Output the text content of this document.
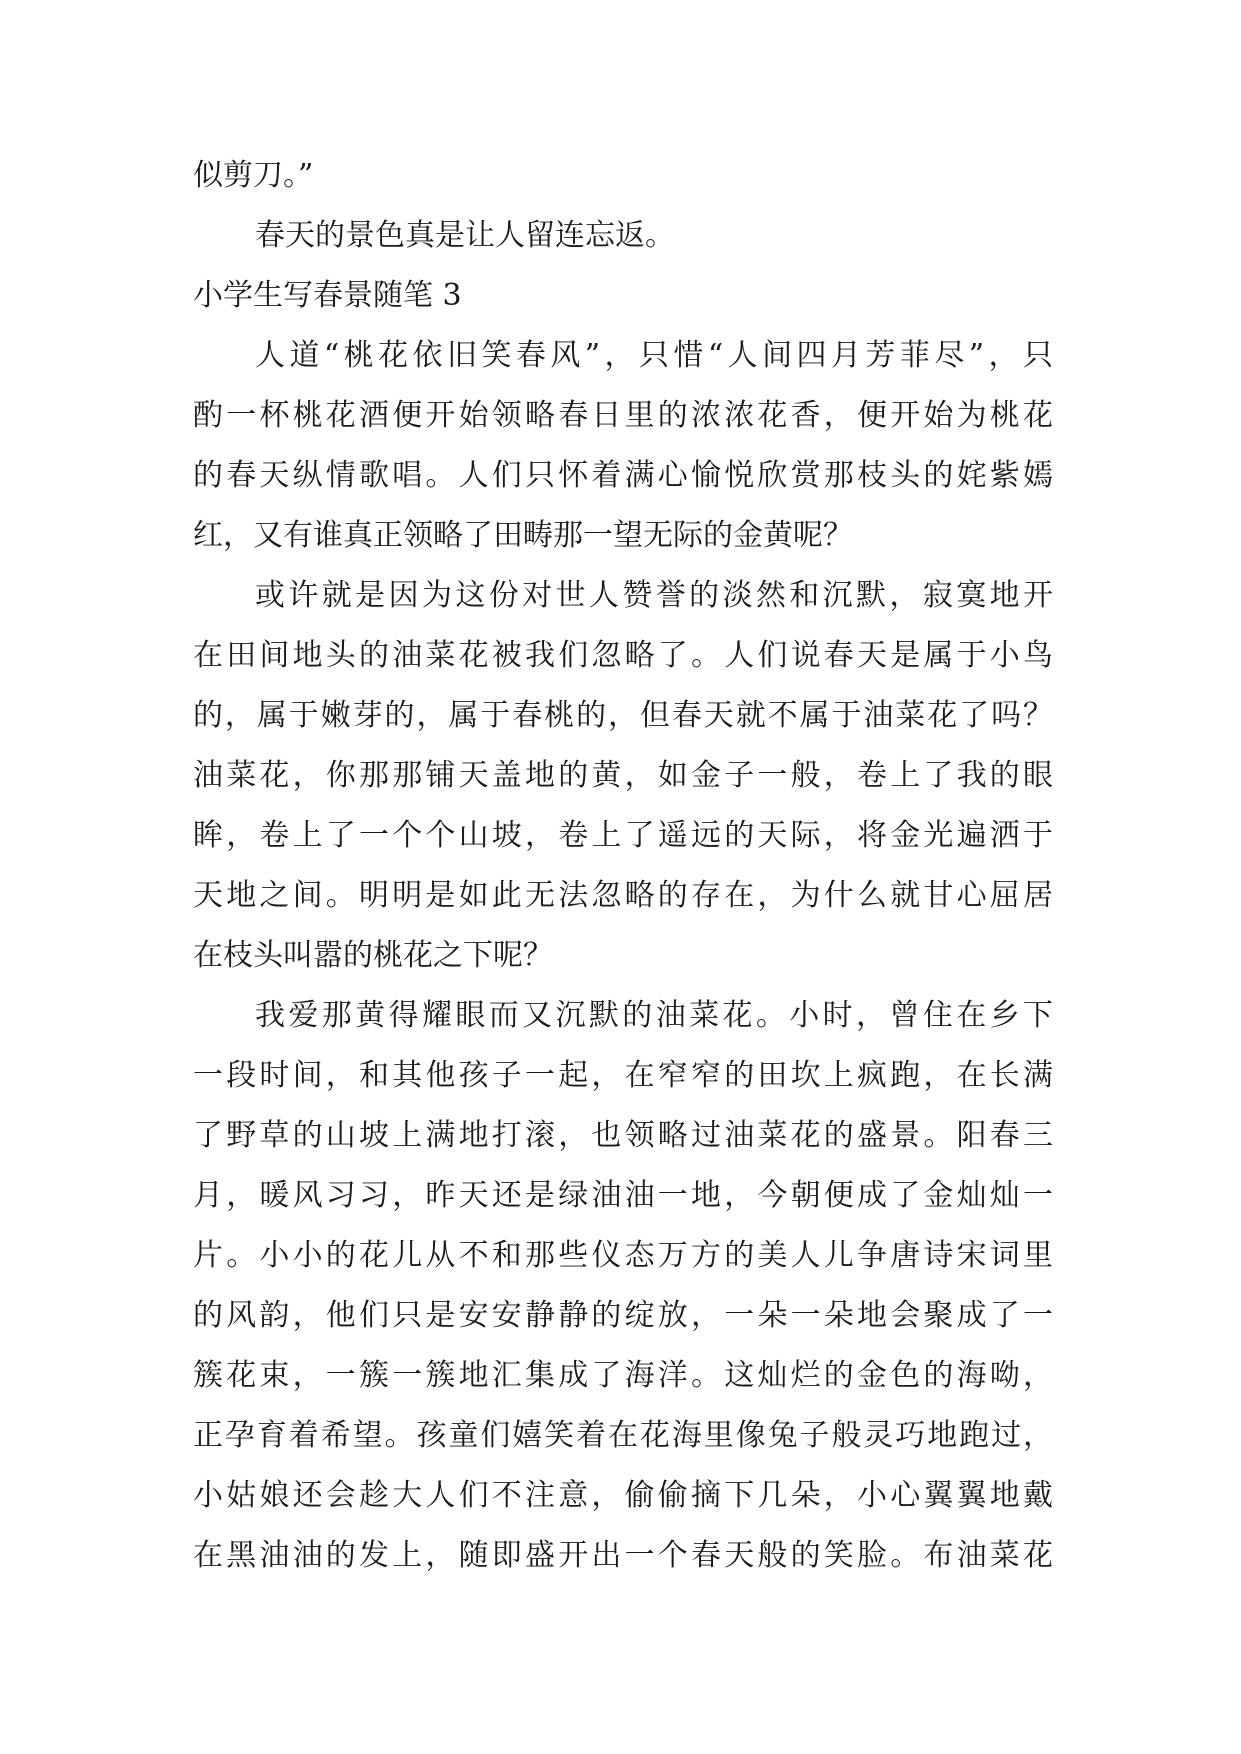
似剪刀。”
春天的景色真是让人留连忘返。
小学生写春景随笔 3
人道“桃花依旧笑春风”，只惜“人间四月芳菲尽”，只
酌一杯桃花酒便开始领略春日里的浓浓花香，便开始为桃花
的春天纵情歌唱。人们只怀着满心愉悦欣赏那枝头的姹紫嫣
红，又有谁真正领略了田畴那一望无际的金黄呢？
或许就是因为这份对世人赞誉的淡然和沉默，寂寞地开
在田间地头的油菜花被我们忽略了。人们说春天是属于小鸟
的，属于嫩芽的，属于春桃的，但春天就不属于油菜花了吗？
油菜花，你那那铺天盖地的黄，如金子一般，卷上了我的眼
眸，卷上了一个个山坡，卷上了遥远的天际，将金光遍洒于
天地之间。明明是如此无法忽略的存在，为什么就甘心屈居
在枝头叫嚣的桃花之下呢？
我爱那黄得耀眼而又沉默的油菜花。小时，曾住在乡下
一段时间，和其他孩子一起，在窄窄的田坎上疯跑，在长满
了野草的山坡上满地打滚，也领略过油菜花的盛景。阳春三
月，暖风习习，昨天还是绿油油一地，今朝便成了金灿灿一
片。小小的花儿从不和那些仪态万方的美人儿争唐诗宋词里
的风韵，他们只是安安静静的绽放，一朵一朵地会聚成了一
簇花束，一簇一簇地汇集成了海洋。这灿烂的金色的海呦，
正孕育着希望。孩童们嬉笑着在花海里像兔子般灵巧地跑过，
小姑娘还会趁大人们不注意，偷偷摘下几朵，小心翼翼地戴
在黑油油的发上，随即盛开出一个春天般的笑脸。布油菜花
